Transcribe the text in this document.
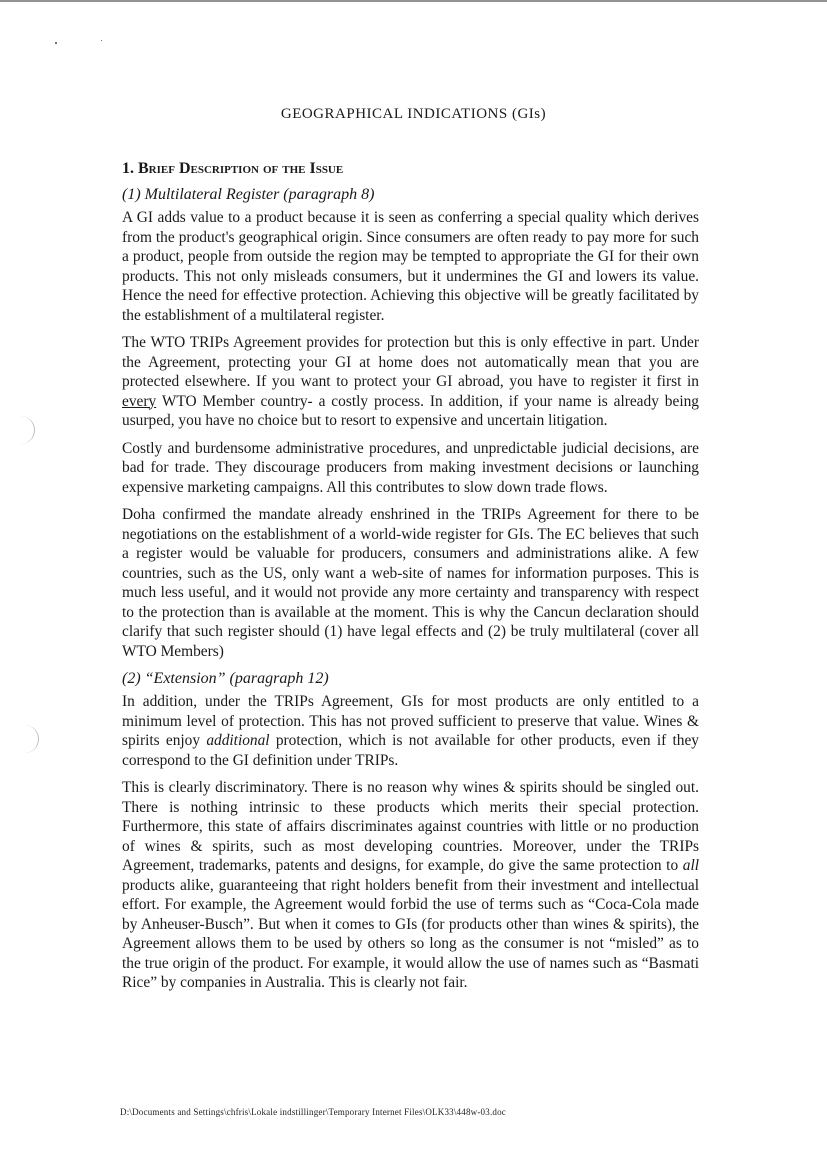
GEOGRAPHICAL INDICATIONS (GIs)
1. Brief Description of the Issue
(1) Multilateral Register (paragraph 8)

A GI adds value to a product because it is seen as conferring a special quality which derives from the product's geographical origin. Since consumers are often ready to pay more for such a product, people from outside the region may be tempted to appropriate the GI for their own products. This not only misleads consumers, but it undermines the GI and lowers its value. Hence the need for effective protection. Achieving this objective will be greatly facilitated by the establishment of a multilateral register.

The WTO TRIPs Agreement provides for protection but this is only effective in part. Under the Agreement, protecting your GI at home does not automatically mean that you are protected elsewhere. If you want to protect your GI abroad, you have to register it first in every WTO Member country- a costly process. In addition, if your name is already being usurped, you have no choice but to resort to expensive and uncertain litigation.

Costly and burdensome administrative procedures, and unpredictable judicial decisions, are bad for trade. They discourage producers from making investment decisions or launching expensive marketing campaigns. All this contributes to slow down trade flows.

Doha confirmed the mandate already enshrined in the TRIPs Agreement for there to be negotiations on the establishment of a world-wide register for GIs. The EC believes that such a register would be valuable for producers, consumers and administrations alike. A few countries, such as the US, only want a web-site of names for information purposes. This is much less useful, and it would not provide any more certainty and transparency with respect to the protection than is available at the moment. This is why the Cancun declaration should clarify that such register should (1) have legal effects and (2) be truly multilateral (cover all WTO Members)

(2) “Extension” (paragraph 12)

In addition, under the TRIPs Agreement, GIs for most products are only entitled to a minimum level of protection. This has not proved sufficient to preserve that value. Wines & spirits enjoy additional protection, which is not available for other products, even if they correspond to the GI definition under TRIPs.

This is clearly discriminatory. There is no reason why wines & spirits should be singled out. There is nothing intrinsic to these products which merits their special protection. Furthermore, this state of affairs discriminates against countries with little or no production of wines & spirits, such as most developing countries. Moreover, under the TRIPs Agreement, trademarks, patents and designs, for example, do give the same protection to all products alike, guaranteeing that right holders benefit from their investment and intellectual effort. For example, the Agreement would forbid the use of terms such as “Coca-Cola made by Anheuser-Busch”. But when it comes to GIs (for products other than wines & spirits), the Agreement allows them to be used by others so long as the consumer is not “misled” as to the true origin of the product. For example, it would allow the use of names such as “Basmati Rice” by companies in Australia. This is clearly not fair.

D:\Documents and Settings\chfris\Lokale indstillinger\Temporary Internet Files\OLK33\448w-03.doc
